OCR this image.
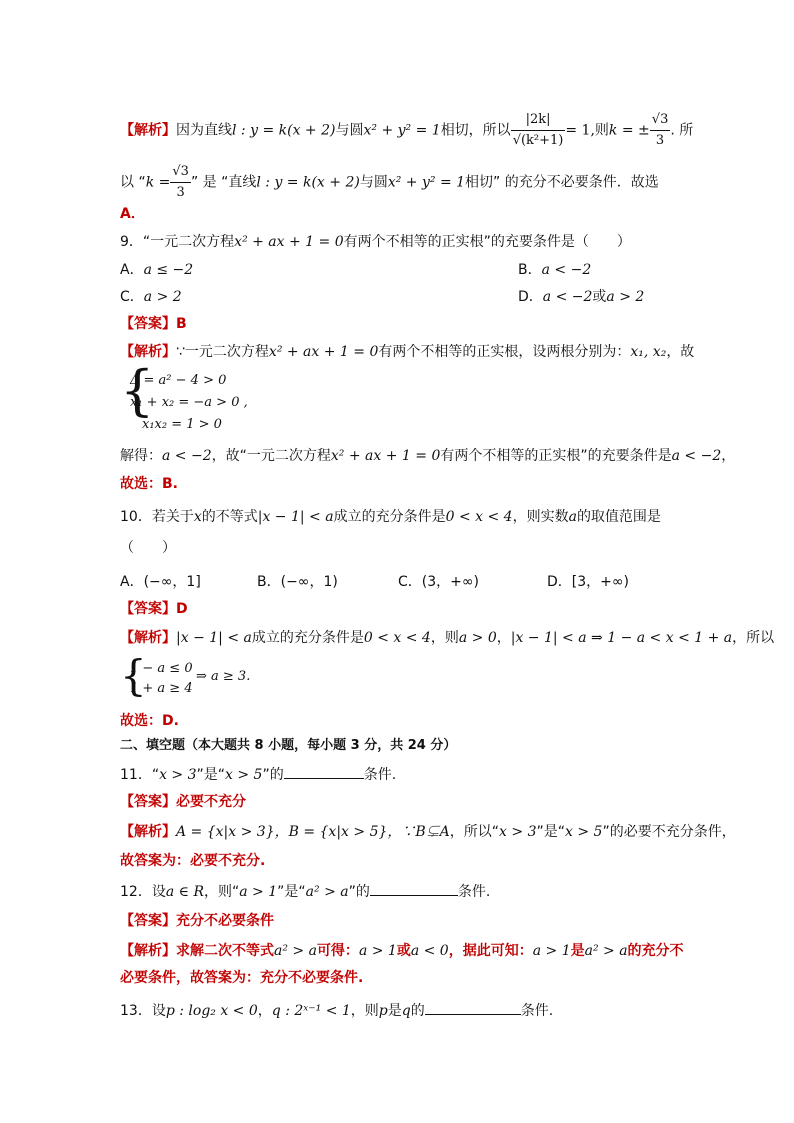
【解析】因为直线l : y = k(x + 2)与圆x² + y² = 1相切，所以 $\frac{|2k|}{\text{√(k²+1)}} = 1$,则k = ± $\frac{√3}{3}$ . 所
以 “$k = \frac{√3}{3}$ ” 是 “直线l : y = k(x + 2)与圆x² + y² = 1相切” 的充分不必要条件．故选
A．
9．“一元二次方程x² + ax + 1 = 0有两个不相等的正实根”的充要条件是（　　）
A．a ≤ −2	B．a < −2
C．a > 2	D．a < −2或a > 2
【答案】B
【解析】∵一元二次方程x² + ax + 1 = 0有两个不相等的正实根，设两根分别为：x₁, x₂，故
{
Δ = a² − 4 > 0
x₁ + x₂ = −a > 0 ,
x₁x₂ = 1 > 0
解得：a < −2，故“一元二次方程x² + ax + 1 = 0有两个不相等的正实根”的充要条件是a < −2，
故选：B.
10．若关于x的不等式|x − 1| < a成立的充分条件是0 < x < 4，则实数a的取值范围是
（　　）
A．(−∞，1]	B．(−∞，1)	C．(3，+∞)	D．[3，+∞)
【答案】D
【解析】|x − 1| < a成立的充分条件是0 < x < 4，则a > 0，|x − 1| < a ⇒ 1 − a < x < 1 + a，所以
{
1 − a ≤ 0
1 + a ≥ 4
⇒ a ≥ 3.
故选：D.
二、填空题（本大题共 8 小题，每小题 3 分，共 24 分）
11．“x > 3”是“x > 5”的	条件.
【答案】必要不充分
【解析】A = {x|x > 3}，B = {x|x > 5}，∵B⊊A，所以“x > 3”是“x > 5”的必要不充分条件，
故答案为：必要不充分.
12．设a ∈ R，则“a > 1”是“a² > a”的	条件.
【答案】充分不必要条件
【解析】求解二次不等式a² > a可得：a > 1或a < 0，据此可知：a > 1是a² > a的充分不
必要条件，故答案为：充分不必要条件.
13．设p : log₂ x < 0，q : 2ˣ⁻¹ < 1，则p是q的	条件.
